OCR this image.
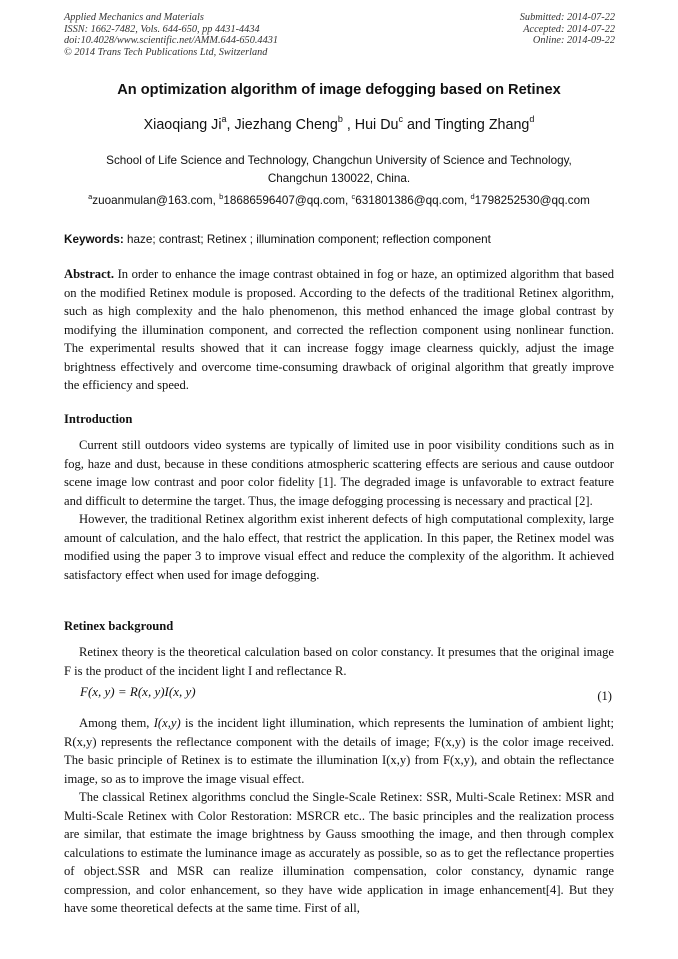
Applied Mechanics and Materials
ISSN: 1662-7482, Vols. 644-650, pp 4431-4434
doi:10.4028/www.scientific.net/AMM.644-650.4431
© 2014 Trans Tech Publications Ltd, Switzerland
Submitted: 2014-07-22
Accepted: 2014-07-22
Online: 2014-09-22
An optimization algorithm of image defogging based on Retinex
Xiaoqiang Ji$^a$, Jiezhang Cheng$^b$ , Hui Du$^c$ and Tingting Zhang$^d$
School of Life Science and Technology, Changchun University of Science and Technology,
Changchun 130022, China.
$^a$zuoanmulan@163.com, $^b$18686596407@qq.com, $^c$631801386@qq.com, $^d$1798252530@qq.com
Keywords: haze; contrast; Retinex ; illumination component; reflection component

Abstract. In order to enhance the image contrast obtained in fog or haze, an optimized algorithm that based on the modified Retinex module is proposed. According to the defects of the traditional Retinex algorithm, such as high complexity and the halo phenomenon, this method enhanced the image global contrast by modifying the illumination component, and corrected the reflection component using nonlinear function. The experimental results showed that it can increase foggy image clearness quickly, adjust the image brightness effectively and overcome time-consuming drawback of original algorithm that greatly improve the efficiency and speed.

Introduction

Current still outdoors video systems are typically of limited use in poor visibility conditions such as in fog, haze and dust, because in these conditions atmospheric scattering effects are serious and cause outdoor scene image low contrast and poor color fidelity [1]. The degraded image is unfavorable to extract feature and difficult to determine the target. Thus, the image defogging processing is necessary and practical [2].

However, the traditional Retinex algorithm exist inherent defects of high computational complexity, large amount of calculation, and the halo effect, that restrict the application. In this paper, the Retinex model was modified using the paper 3 to improve visual effect and reduce the complexity of the algorithm. It achieved satisfactory effect when used for image defogging.

Retinex background

Retinex theory is the theoretical calculation based on color constancy. It presumes that the original image F is the product of the incident light I and reflectance R.

F(x, y) = R(x, y)I(x, y)	(1)

Among them, I(x,y) is the incident light illumination, which represents the lumination of ambient light; R(x,y) represents the reflectance component with the details of image; F(x,y) is the color image received. The basic principle of Retinex is to estimate the illumination I(x,y) from F(x,y), and obtain the reflectance image, so as to improve the image visual effect.

The classical Retinex algorithms conclud the Single-Scale Retinex: SSR, Multi-Scale Retinex: MSR and Multi-Scale Retinex with Color Restoration: MSRCR etc.. The basic principles and the realization process are similar, that estimate the image brightness by Gauss smoothing the image, and then through complex calculations to estimate the luminance image as accurately as possible, so as to get the reflectance properties of object.SSR and MSR can realize illumination compensation, color constancy, dynamic range compression, and color enhancement, so they have wide application in image enhancement[4]. But they have some theoretical defects at the same time. First of all,
